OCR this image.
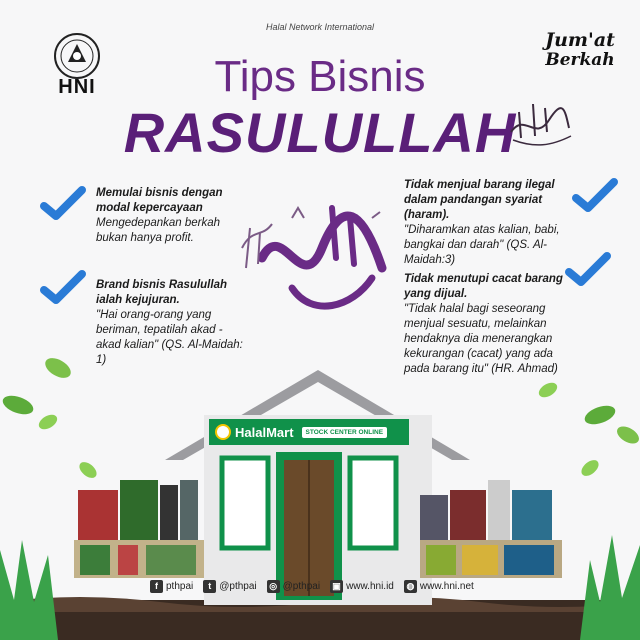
Halal Network International
HNI
Jum'at
Berkah
Tips Bisnis
RASULULLAH
Memulai bisnis dengan modal kepercayaan
Mengedepankan berkah bukan hanya profit.
Brand bisnis Rasulullah ialah kejujuran.
"Hai orang-orang yang beriman, tepatilah akad -akad kalian" (QS. Al-Maidah: 1)
Tidak menjual barang ilegal dalam pandangan syariat (haram).
"Diharamkan atas kalian, babi, bangkai dan darah" (QS. Al-Maidah:3)
Tidak menutupi cacat barang yang dijual.
"Tidak halal bagi seseorang menjual sesuatu, melainkan hendaknya dia menerangkan kekurangan (cacat) yang ada pada barang itu" (HR. Ahmad)
HalalMart	STOCK CENTER ONLINE
f pthpai	t @pthpai ◎ @pthpai ▣ www.hni.id ◍ www.hni.net
